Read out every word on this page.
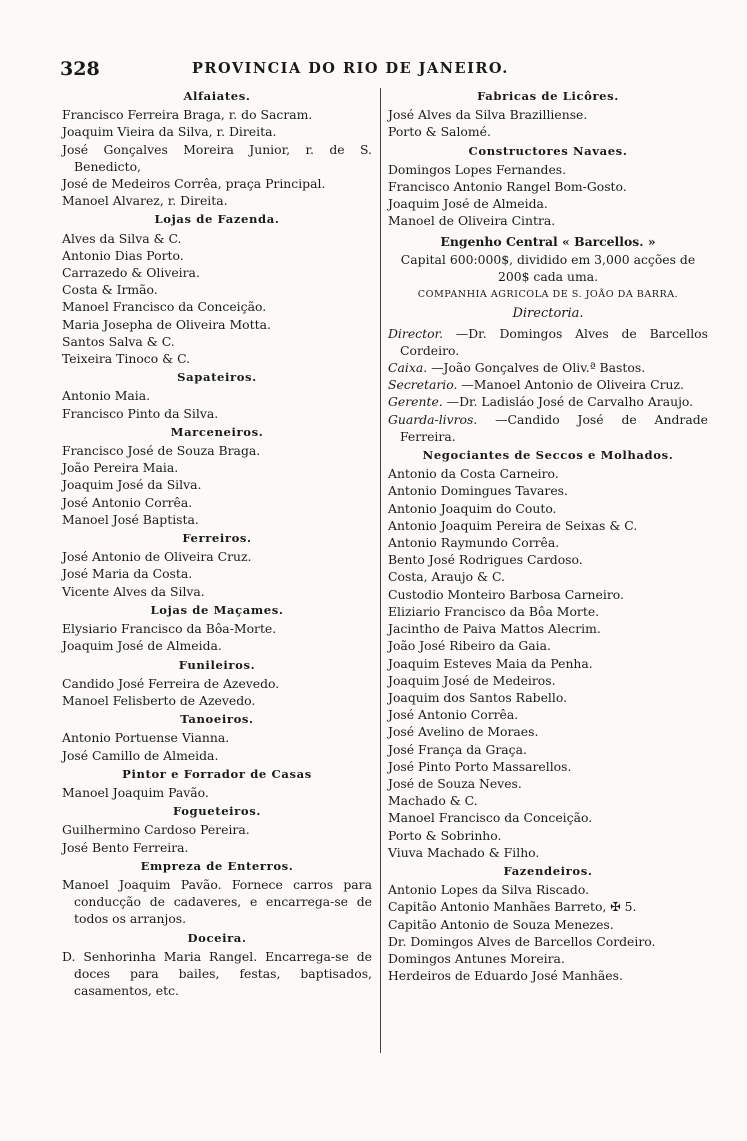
328	PROVINCIA DO RIO DE JANEIRO.
Alfaiates.
Francisco Ferreira Braga, r. do Sacram.
Joaquim Vieira da Silva, r. Direita.
José Gonçalves Moreira Junior, r. de S. Benedicto,
José de Medeiros Corrêa, praça Principal.
Manoel Alvarez, r. Direita.
Lojas de Fazenda.
Alves da Silva & C.
Antonio Dias Porto.
Carrazedo & Oliveira.
Costa & Irmão.
Manoel Francisco da Conceição.
Maria Josepha de Oliveira Motta.
Santos Salva & C.
Teixeira Tinoco & C.
Sapateiros.
Antonio Maia.
Francisco Pinto da Silva.
Marceneiros.
Francisco José de Souza Braga.
João Pereira Maia.
Joaquim José da Silva.
José Antonio Corrêa.
Manoel José Baptista.
Ferreiros.
José Antonio de Oliveira Cruz.
José Maria da Costa.
Vicente Alves da Silva.
Lojas de Maçames.
Elysiario Francisco da Bôa-Morte.
Joaquim José de Almeida.
Funileiros.
Candido José Ferreira de Azevedo.
Manoel Felisberto de Azevedo.
Tanoeiros.
Antonio Portuense Vianna.
José Camillo de Almeida.
Pintor e Forrador de Casas
Manoel Joaquim Pavão.
Fogueteiros.
Guilhermino Cardoso Pereira.
José Bento Ferreira.
Empreza de Enterros.
Manoel Joaquim Pavão. Fornece carros para conducção de cadaveres, e encarrega-se de todos os arranjos.
Doceira.
D. Senhorinha Maria Rangel. Encarrega-se de doces para bailes, festas, baptisados, casamentos, etc.
Fabricas de Licôres.
José Alves da Silva Brazilliense.
Porto & Salomé.
Constructores Navaes.
Domingos Lopes Fernandes.
Francisco Antonio Rangel Bom-Gosto.
Joaquim José de Almeida.
Manoel de Oliveira Cintra.
Engenho Central « Barcellos. »
Capital 600:000$, dividido em 3,000 acções de 200$ cada uma.
COMPANHIA AGRICOLA DE S. JOÃO DA BARRA.
Directoria.
Director. —Dr. Domingos Alves de Barcellos Cordeiro.
Caixa. —João Gonçalves de Oliv.ª Bastos.
Secretario. —Manoel Antonio de Oliveira Cruz.
Gerente. —Dr. Ladisláo José de Carvalho Araujo.
Guarda-livros. —Candido José de Andrade Ferreira.
Negociantes de Seccos e Molhados.
Antonio da Costa Carneiro.
Antonio Domingues Tavares.
Antonio Joaquim do Couto.
Antonio Joaquim Pereira de Seixas & C.
Antonio Raymundo Corrêa.
Bento José Rodrigues Cardoso.
Costa, Araujo & C.
Custodio Monteiro Barbosa Carneiro.
Eliziario Francisco da Bôa Morte.
Jacintho de Paiva Mattos Alecrim.
João José Ribeiro da Gaia.
Joaquim Esteves Maia da Penha.
Joaquim José de Medeiros.
Joaquim dos Santos Rabello.
José Antonio Corrêa.
José Avelino de Moraes.
José França da Graça.
José Pinto Porto Massarellos.
José de Souza Neves.
Machado & C.
Manoel Francisco da Conceição.
Porto & Sobrinho.
Viuva Machado & Filho.
Fazendeiros.
Antonio Lopes da Silva Riscado.
Capitão Antonio Manhães Barreto, ✠ 5.
Capitão Antonio de Souza Menezes.
Dr. Domingos Alves de Barcellos Cordeiro.
Domingos Antunes Moreira.
Herdeiros de Eduardo José Manhães.
